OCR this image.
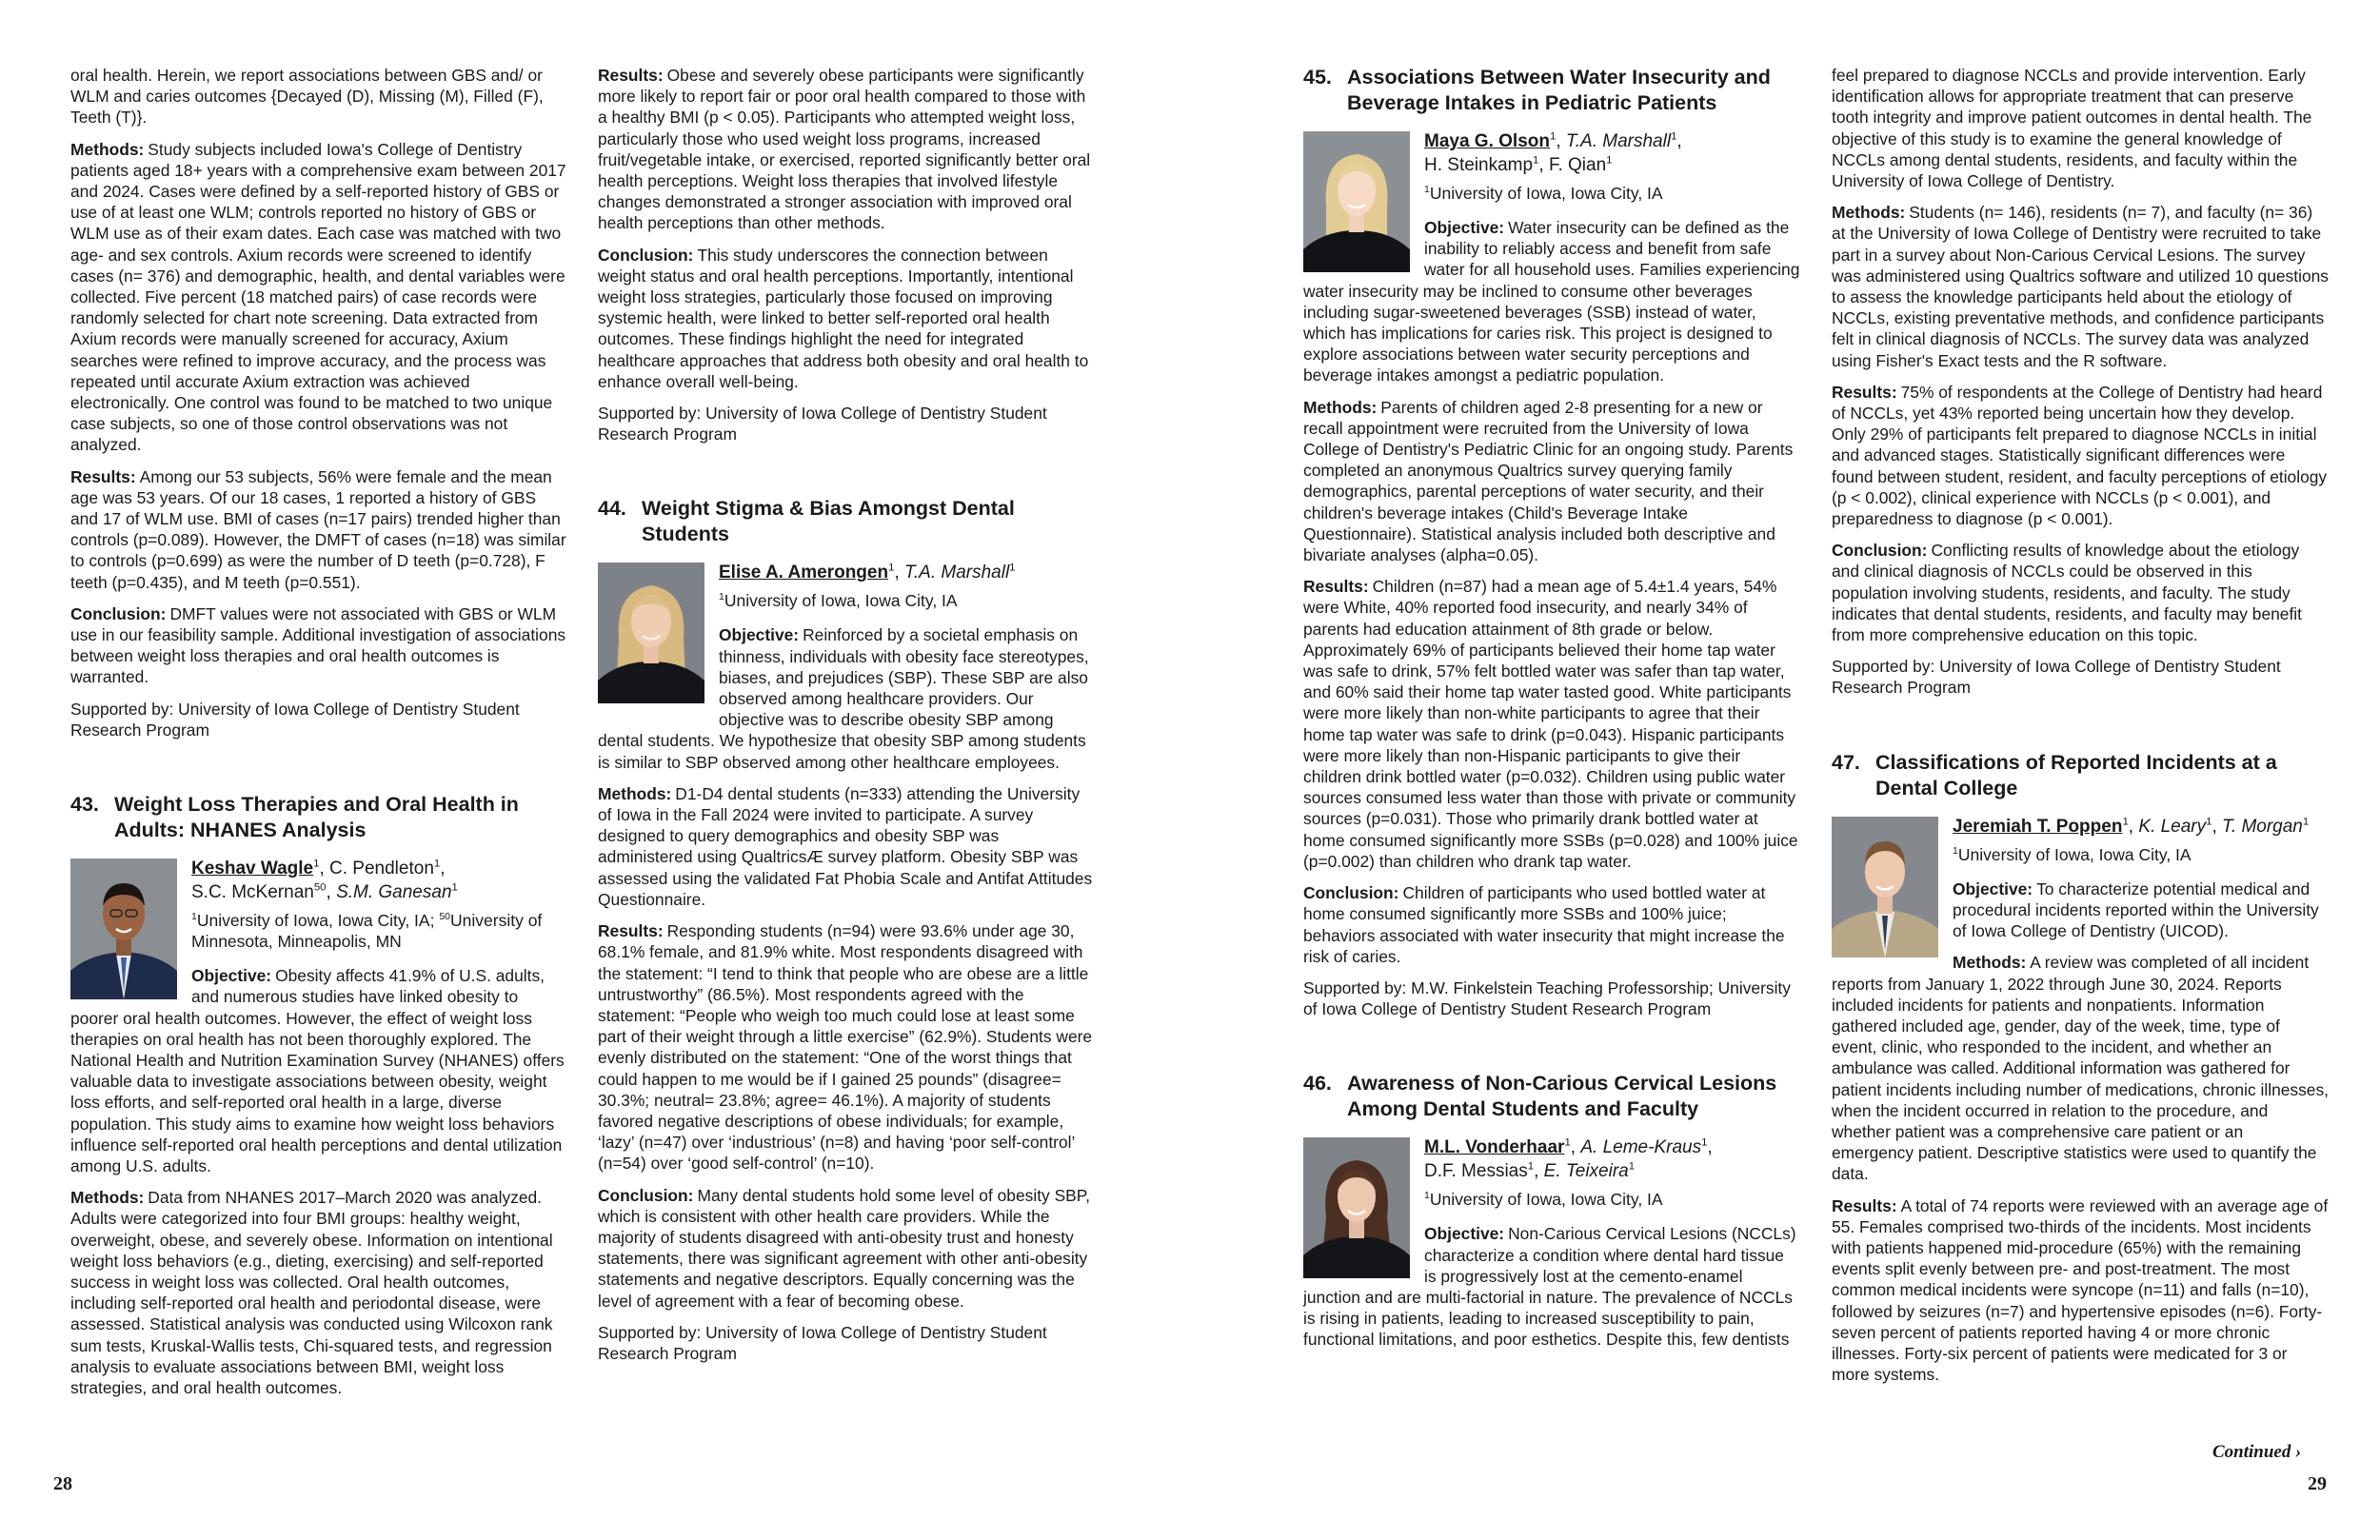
oral health. Herein, we report associations between GBS and/ or WLM and caries outcomes {Decayed (D), Missing (M), Filled (F), Teeth (T)}.

Methods: Study subjects included Iowa's College of Dentistry patients aged 18+ years with a comprehensive exam between 2017 and 2024. Cases were defined by a self-reported history of GBS or use of at least one WLM; controls reported no history of GBS or WLM use as of their exam dates. Each case was matched with two age- and sex controls. Axium records were screened to identify cases (n= 376) and demographic, health, and dental variables were collected. Five percent (18 matched pairs) of case records were randomly selected for chart note screening. Data extracted from Axium records were manually screened for accuracy, Axium searches were refined to improve accuracy, and the process was repeated until accurate Axium extraction was achieved electronically. One control was found to be matched to two unique case subjects, so one of those control observations was not analyzed.

Results: Among our 53 subjects, 56% were female and the mean age was 53 years. Of our 18 cases, 1 reported a history of GBS and 17 of WLM use. BMI of cases (n=17 pairs) trended higher than controls (p=0.089). However, the DMFT of cases (n=18) was similar to controls (p=0.699) as were the number of D teeth (p=0.728), F teeth (p=0.435), and M teeth (p=0.551).

Conclusion: DMFT values were not associated with GBS or WLM use in our feasibility sample. Additional investigation of associations between weight loss therapies and oral health outcomes is warranted.

Supported by: University of Iowa College of Dentistry Student Research Program

43. Weight Loss Therapies and Oral Health in Adults: NHANES Analysis
Keshav Wagle$^1$, C. Pendleton$^1$,
S.C. McKernan$^{50}$, S.M. Ganesan$^1$
$^1$University of Iowa, Iowa City, IA; $^{50}$University of Minnesota, Minneapolis, MN

Objective: Obesity affects 41.9% of U.S. adults, and numerous studies have linked obesity to poorer oral health outcomes. However, the effect of weight loss therapies on oral health has not been thoroughly explored. The National Health and Nutrition Examination Survey (NHANES) offers valuable data to investigate associations between obesity, weight loss efforts, and self-reported oral health in a large, diverse population. This study aims to examine how weight loss behaviors influence self-reported oral health perceptions and dental utilization among U.S. adults.

Methods: Data from NHANES 2017–March 2020 was analyzed. Adults were categorized into four BMI groups: healthy weight, overweight, obese, and severely obese. Information on intentional weight loss behaviors (e.g., dieting, exercising) and self-reported success in weight loss was collected. Oral health outcomes, including self-reported oral health and periodontal disease, were assessed. Statistical analysis was conducted using Wilcoxon rank sum tests, Kruskal-Wallis tests, Chi-squared tests, and regression analysis to evaluate associations between BMI, weight loss strategies, and oral health outcomes.

Results: Obese and severely obese participants were significantly more likely to report fair or poor oral health compared to those with a healthy BMI (p < 0.05). Participants who attempted weight loss, particularly those who used weight loss programs, increased fruit/vegetable intake, or exercised, reported significantly better oral health perceptions. Weight loss therapies that involved lifestyle changes demonstrated a stronger association with improved oral health perceptions than other methods.

Conclusion: This study underscores the connection between weight status and oral health perceptions. Importantly, intentional weight loss strategies, particularly those focused on improving systemic health, were linked to better self-reported oral health outcomes. These findings highlight the need for integrated healthcare approaches that address both obesity and oral health to enhance overall well-being.

Supported by: University of Iowa College of Dentistry Student Research Program

44. Weight Stigma & Bias Amongst Dental Students
Elise A. Amerongen$^1$, T.A. Marshall$^1$
$^1$University of Iowa, Iowa City, IA

Objective: Reinforced by a societal emphasis on thinness, individuals with obesity face stereotypes, biases, and prejudices (SBP). These SBP are also observed among healthcare providers. Our objective was to describe obesity SBP among dental students. We hypothesize that obesity SBP among students is similar to SBP observed among other healthcare employees.

Methods: D1-D4 dental students (n=333) attending the University of Iowa in the Fall 2024 were invited to participate. A survey designed to query demographics and obesity SBP was administered using QualtricsÆ survey platform. Obesity SBP was assessed using the validated Fat Phobia Scale and Antifat Attitudes Questionnaire.

Results: Responding students (n=94) were 93.6% under age 30, 68.1% female, and 81.9% white. Most respondents disagreed with the statement: “I tend to think that people who are obese are a little untrustworthy” (86.5%). Most respondents agreed with the statement: “People who weigh too much could lose at least some part of their weight through a little exercise” (62.9%). Students were evenly distributed on the statement: “One of the worst things that could happen to me would be if I gained 25 pounds” (disagree= 30.3%; neutral= 23.8%; agree= 46.1%). A majority of students favored negative descriptions of obese individuals; for example, ‘lazy’ (n=47) over ‘industrious’ (n=8) and having ‘poor self-control’ (n=54) over ‘good self-control’ (n=10).

Conclusion: Many dental students hold some level of obesity SBP, which is consistent with other health care providers. While the majority of students disagreed with anti-obesity trust and honesty statements, there was significant agreement with other anti-obesity statements and negative descriptors. Equally concerning was the level of agreement with a fear of becoming obese.

Supported by: University of Iowa College of Dentistry Student Research Program

45. Associations Between Water Insecurity and Beverage Intakes in Pediatric Patients
Maya G. Olson$^1$, T.A. Marshall$^1$,
H. Steinkamp$^1$, F. Qian$^1$
$^1$University of Iowa, Iowa City, IA

Objective: Water insecurity can be defined as the inability to reliably access and benefit from safe water for all household uses. Families experiencing water insecurity may be inclined to consume other beverages including sugar-sweetened beverages (SSB) instead of water, which has implications for caries risk. This project is designed to explore associations between water security perceptions and beverage intakes amongst a pediatric population.

Methods: Parents of children aged 2-8 presenting for a new or recall appointment were recruited from the University of Iowa College of Dentistry's Pediatric Clinic for an ongoing study. Parents completed an anonymous Qualtrics survey querying family demographics, parental perceptions of water security, and their children's beverage intakes (Child's Beverage Intake Questionnaire). Statistical analysis included both descriptive and bivariate analyses (alpha=0.05).

Results: Children (n=87) had a mean age of 5.4±1.4 years, 54% were White, 40% reported food insecurity, and nearly 34% of parents had education attainment of 8th grade or below. Approximately 69% of participants believed their home tap water was safe to drink, 57% felt bottled water was safer than tap water, and 60% said their home tap water tasted good. White participants were more likely than non-white participants to agree that their home tap water was safe to drink (p=0.043). Hispanic participants were more likely than non-Hispanic participants to give their children drink bottled water (p=0.032). Children using public water sources consumed less water than those with private or community sources (p=0.031). Those who primarily drank bottled water at home consumed significantly more SSBs (p=0.028) and 100% juice (p=0.002) than children who drank tap water.

Conclusion: Children of participants who used bottled water at home consumed significantly more SSBs and 100% juice; behaviors associated with water insecurity that might increase the risk of caries.

Supported by: M.W. Finkelstein Teaching Professorship; University of Iowa College of Dentistry Student Research Program

46. Awareness of Non-Carious Cervical Lesions Among Dental Students and Faculty
M.L. Vonderhaar$^1$, A. Leme-Kraus$^1$,
D.F. Messias$^1$, E. Teixeira$^1$
$^1$University of Iowa, Iowa City, IA

Objective: Non-Carious Cervical Lesions (NCCLs) characterize a condition where dental hard tissue is progressively lost at the cemento-enamel junction and are multi-factorial in nature. The prevalence of NCCLs is rising in patients, leading to increased susceptibility to pain, functional limitations, and poor esthetics. Despite this, few dentists

feel prepared to diagnose NCCLs and provide intervention. Early identification allows for appropriate treatment that can preserve tooth integrity and improve patient outcomes in dental health. The objective of this study is to examine the general knowledge of NCCLs among dental students, residents, and faculty within the University of Iowa College of Dentistry.

Methods: Students (n= 146), residents (n= 7), and faculty (n= 36) at the University of Iowa College of Dentistry were recruited to take part in a survey about Non-Carious Cervical Lesions. The survey was administered using Qualtrics software and utilized 10 questions to assess the knowledge participants held about the etiology of NCCLs, existing preventative methods, and confidence participants felt in clinical diagnosis of NCCLs. The survey data was analyzed using Fisher's Exact tests and the R software.

Results: 75% of respondents at the College of Dentistry had heard of NCCLs, yet 43% reported being uncertain how they develop. Only 29% of participants felt prepared to diagnose NCCLs in initial and advanced stages. Statistically significant differences were found between student, resident, and faculty perceptions of etiology (p < 0.002), clinical experience with NCCLs (p < 0.001), and preparedness to diagnose (p < 0.001).

Conclusion: Conflicting results of knowledge about the etiology and clinical diagnosis of NCCLs could be observed in this population involving students, residents, and faculty. The study indicates that dental students, residents, and faculty may benefit from more comprehensive education on this topic.

Supported by: University of Iowa College of Dentistry Student Research Program

47. Classifications of Reported Incidents at a Dental College
Jeremiah T. Poppen$^1$, K. Leary$^1$, T. Morgan$^1$
$^1$University of Iowa, Iowa City, IA

Objective: To characterize potential medical and procedural incidents reported within the University of Iowa College of Dentistry (UICOD).

Methods: A review was completed of all incident reports from January 1, 2022 through June 30, 2024. Reports included incidents for patients and nonpatients. Information gathered included age, gender, day of the week, time, type of event, clinic, who responded to the incident, and whether an ambulance was called. Additional information was gathered for patient incidents including number of medications, chronic illnesses, when the incident occurred in relation to the procedure, and whether patient was a comprehensive care patient or an emergency patient. Descriptive statistics were used to quantify the data.

Results: A total of 74 reports were reviewed with an average age of 55. Females comprised two-thirds of the incidents. Most incidents with patients happened mid-procedure (65%) with the remaining events split evenly between pre- and post-treatment. The most common medical incidents were syncope (n=11) and falls (n=10), followed by seizures (n=7) and hypertensive episodes (n=6). Forty-seven percent of patients reported having 4 or more chronic illnesses. Forty-six percent of patients were medicated for 3 or more systems.

Continued ›
28	29
